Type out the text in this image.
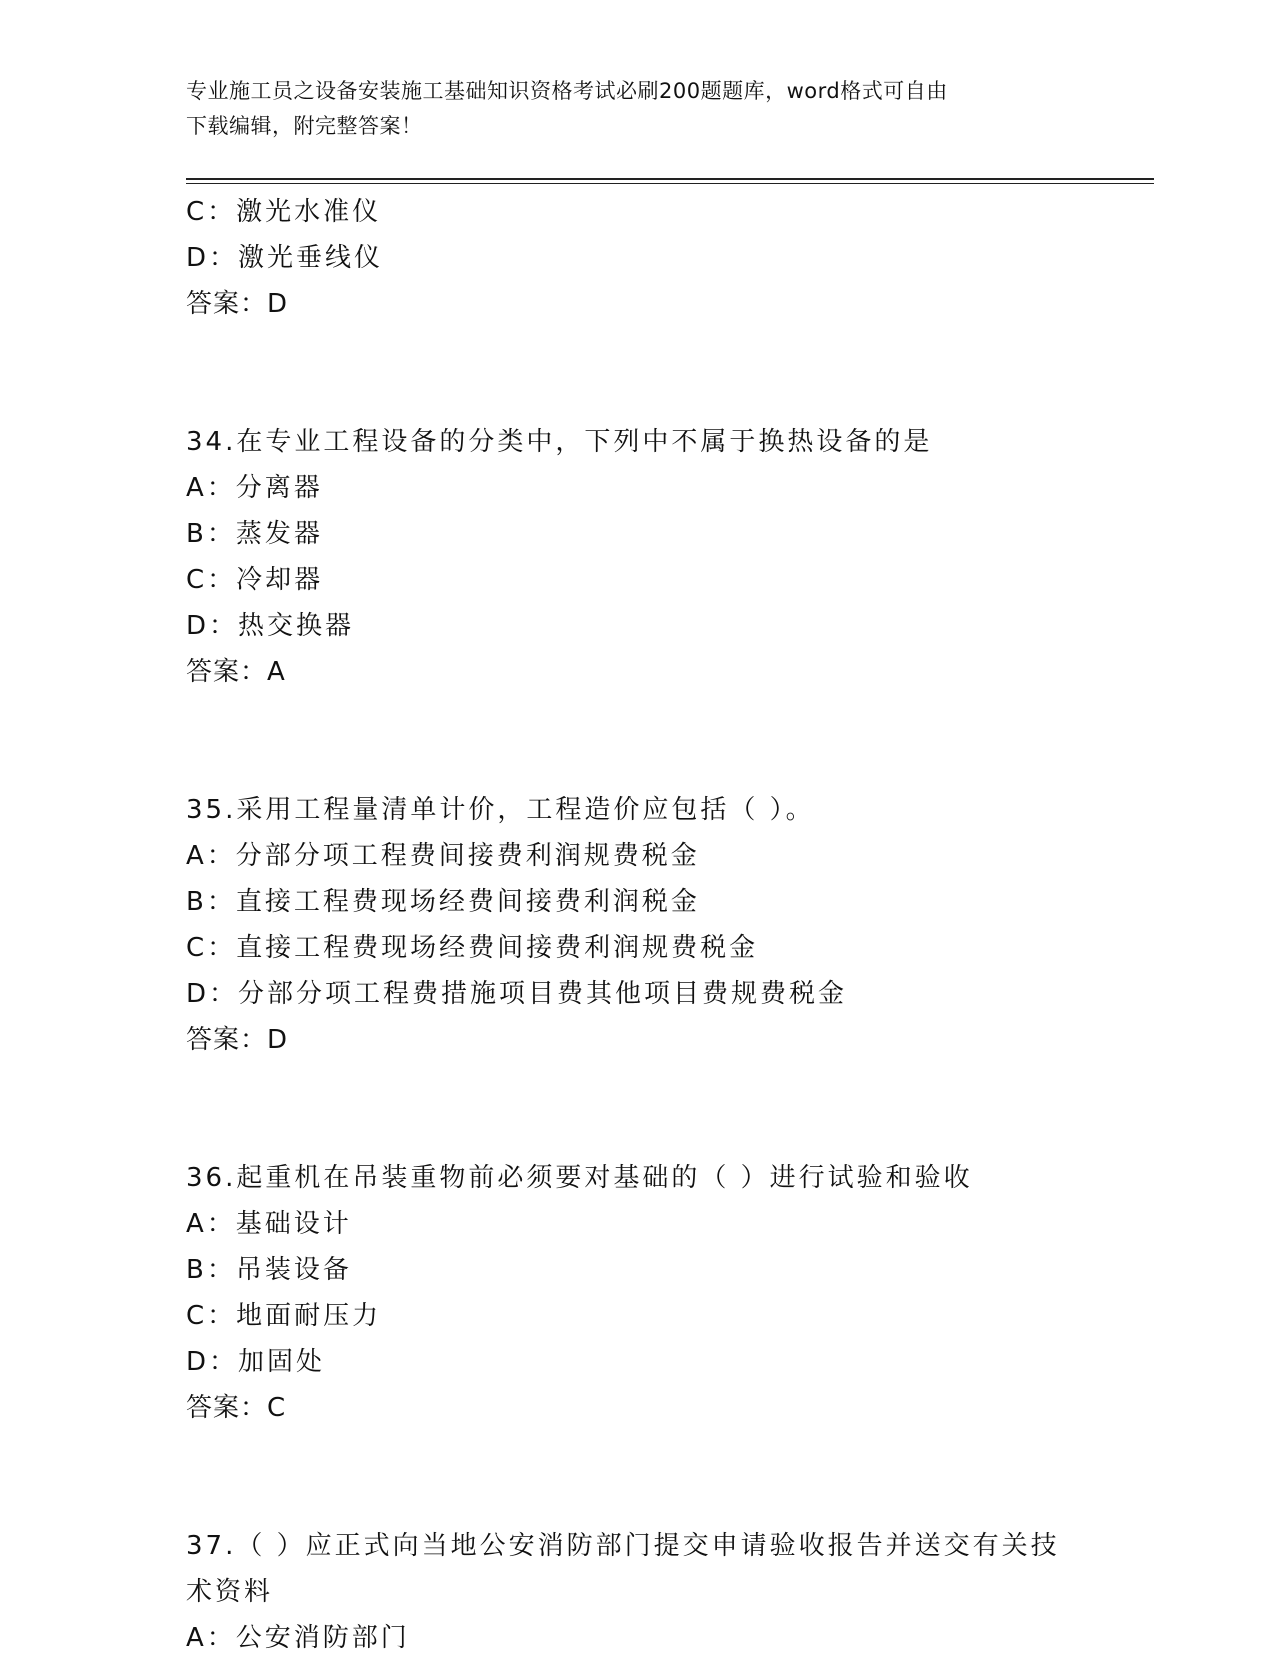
专业施工员之设备安装施工基础知识资格考试必刷200题题库，word格式可自由
下载编辑，附完整答案！
C：激光水准仪
D：激光垂线仪
答案：D
34.在专业工程设备的分类中，下列中不属于换热设备的是
A：分离器
B：蒸发器
C：冷却器
D：热交换器
答案：A
35.采用工程量清单计价，工程造价应包括（ ）。
A：分部分项工程费间接费利润规费税金
B：直接工程费现场经费间接费利润税金
C：直接工程费现场经费间接费利润规费税金
D：分部分项工程费措施项目费其他项目费规费税金
答案：D
36.起重机在吊装重物前必须要对基础的（ ）进行试验和验收
A：基础设计
B：吊装设备
C：地面耐压力
D：加固处
答案：C
37.（ ）应正式向当地公安消防部门提交申请验收报告并送交有关技
术资料
A：公安消防部门
